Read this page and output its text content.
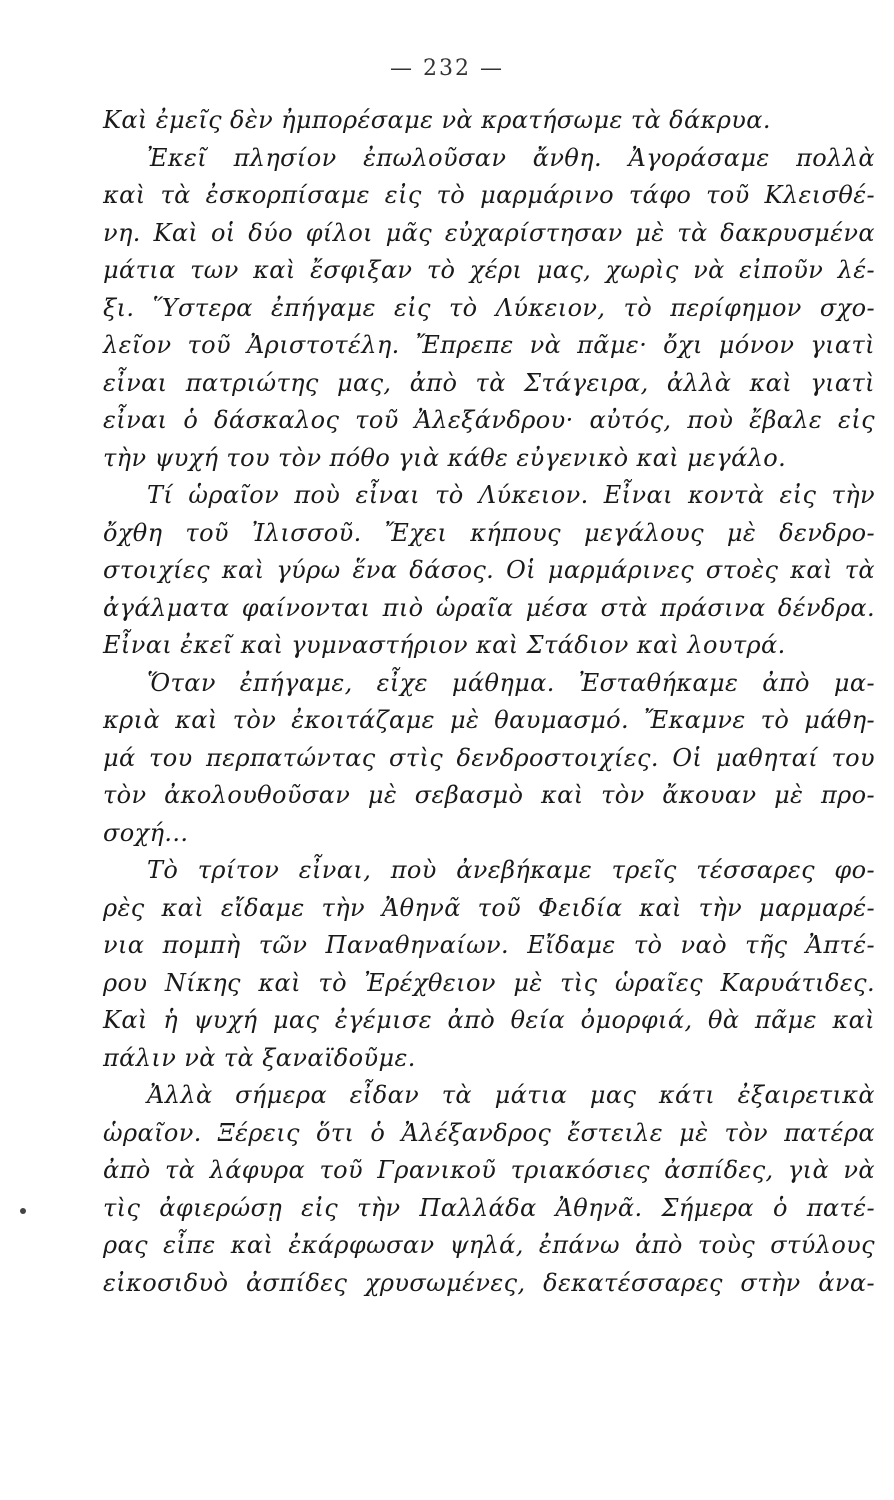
— 232 —
Καὶ ἐμεῖς δὲν ἠμπορέσαμε νὰ κρατήσωμε τὰ δάκρυα.
Ἐκεῖ πλησίον ἐπωλοῦσαν ἄνθη. Ἀγοράσαμε πολλὰ
καὶ τὰ ἐσκορπίσαμε εἰς τὸ μαρμάρινο τάφο τοῦ Κλεισθέ-
νη. Καὶ οἱ δύο φίλοι μᾶς εὐχαρίστησαν μὲ τὰ δακρυσμένα
μάτια των καὶ ἔσφιξαν τὸ χέρι μας, χωρὶς νὰ εἰποῦν λέ-
ξι. Ὕστερα ἐπήγαμε εἰς τὸ Λύκειον, τὸ περίφημον σχο-
λεῖον τοῦ Ἀριστοτέλη. Ἔπρεπε νὰ πᾶμε· ὄχι μόνον γιατὶ
εἶναι πατριώτης μας, ἀπὸ τὰ Στάγειρα, ἀλλὰ καὶ γιατὶ
εἶναι ὁ δάσκαλος τοῦ Ἀλεξάνδρου· αὐτός, ποὺ ἔβαλε εἰς
τὴν ψυχή του τὸν πόθο γιὰ κάθε εὐγενικὸ καὶ μεγάλο.
Τί ὡραῖον ποὺ εἶναι τὸ Λύκειον. Εἶναι κοντὰ εἰς τὴν
ὄχθη τοῦ Ἰλισσοῦ. Ἔχει κήπους μεγάλους μὲ δενδρο-
στοιχίες καὶ γύρω ἕνα δάσος. Οἱ μαρμάρινες στοὲς καὶ τὰ
ἀγάλματα φαίνονται πιὸ ὡραῖα μέσα στὰ πράσινα δένδρα.
Εἶναι ἐκεῖ καὶ γυμναστήριον καὶ Στάδιον καὶ λουτρά.
Ὅταν ἐπήγαμε, εἶχε μάθημα. Ἐσταθήκαμε ἀπὸ μα-
κριὰ καὶ τὸν ἐκοιτάζαμε μὲ θαυμασμό. Ἔκαμνε τὸ μάθη-
μά του περπατώντας στὶς δενδροστοιχίες. Οἱ μαθηταί του
τὸν ἀκολουθοῦσαν μὲ σεβασμὸ καὶ τὸν ἄκουαν μὲ προ-
σοχή...
Τὸ τρίτον εἶναι, ποὺ ἀνεβήκαμε τρεῖς τέσσαρες φο-
ρὲς καὶ εἴδαμε τὴν Ἀθηνᾶ τοῦ Φειδία καὶ τὴν μαρμαρέ-
νια πομπὴ τῶν Παναθηναίων. Εἴδαμε τὸ ναὸ τῆς Ἀπτέ-
ρου Νίκης καὶ τὸ Ἐρέχθειον μὲ τὶς ὡραῖες Καρυάτιδες.
Καὶ ἡ ψυχή μας ἐγέμισε ἀπὸ θεία ὀμορφιά, θὰ πᾶμε καὶ
πάλιν νὰ τὰ ξαναϊδοῦμε.
Ἀλλὰ σήμερα εἶδαν τὰ μάτια μας κάτι ἐξαιρετικὰ
ὡραῖον. Ξέρεις ὅτι ὁ Ἀλέξανδρος ἔστειλε μὲ τὸν πατέρα
ἀπὸ τὰ λάφυρα τοῦ Γρανικοῦ τριακόσιες ἀσπίδες, γιὰ νὰ
τὶς ἀφιερώσῃ εἰς τὴν Παλλάδα Ἀθηνᾶ. Σήμερα ὁ πατέ-
ρας εἶπε καὶ ἐκάρφωσαν ψηλά, ἐπάνω ἀπὸ τοὺς στύλους
εἰκοσιδυὸ ἀσπίδες χρυσωμένες, δεκατέσσαρες στὴν ἀνα-
